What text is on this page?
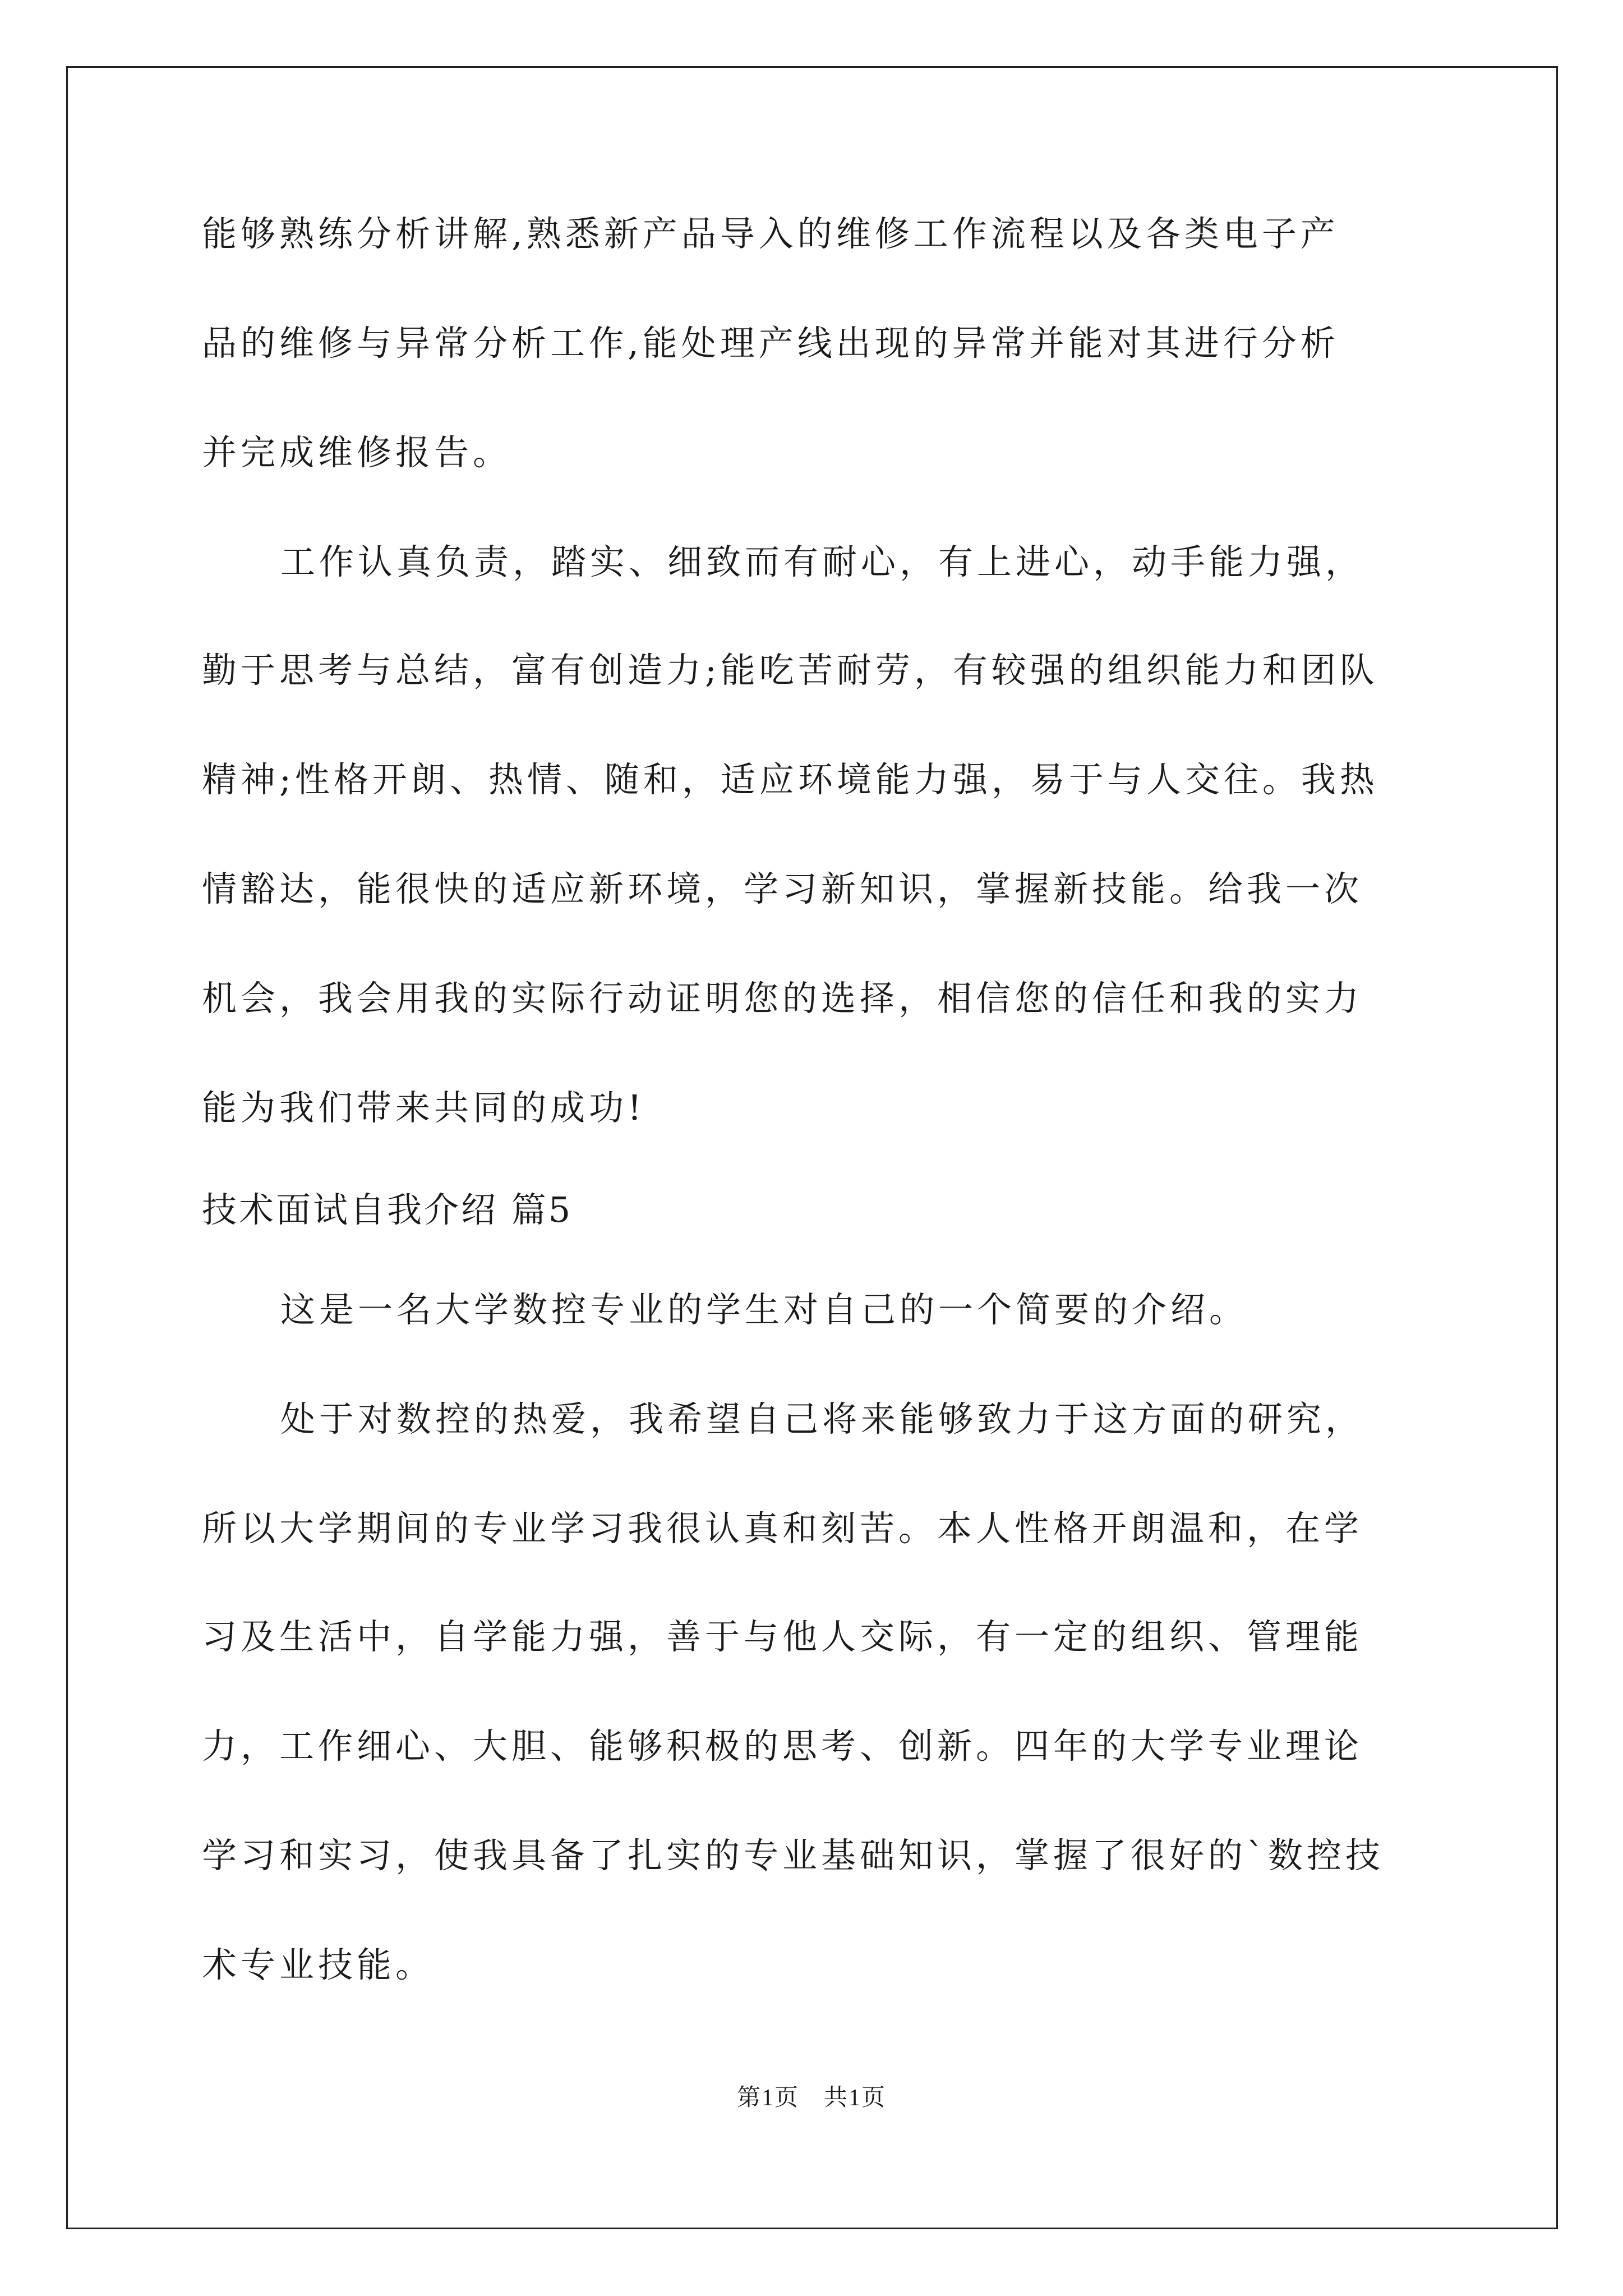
能够熟练分析讲解,熟悉新产品导入的维修工作流程以及各类电子产
品的维修与异常分析工作,能处理产线出现的异常并能对其进行分析
并完成维修报告。
工作认真负责，踏实、细致而有耐心，有上进心，动手能力强，
勤于思考与总结，富有创造力;能吃苦耐劳，有较强的组织能力和团队
精神;性格开朗、热情、随和，适应环境能力强，易于与人交往。我热
情豁达，能很快的适应新环境，学习新知识，掌握新技能。给我一次
机会，我会用我的实际行动证明您的选择，相信您的信任和我的实力
能为我们带来共同的成功!
技术面试自我介绍 篇5
这是一名大学数控专业的学生对自己的一个简要的介绍。
处于对数控的热爱，我希望自己将来能够致力于这方面的研究，
所以大学期间的专业学习我很认真和刻苦。本人性格开朗温和，在学
习及生活中，自学能力强，善于与他人交际，有一定的组织、管理能
力，工作细心、大胆、能够积极的思考、创新。四年的大学专业理论
学习和实习，使我具备了扎实的专业基础知识，掌握了很好的`数控技
术专业技能。
第1页　共1页
